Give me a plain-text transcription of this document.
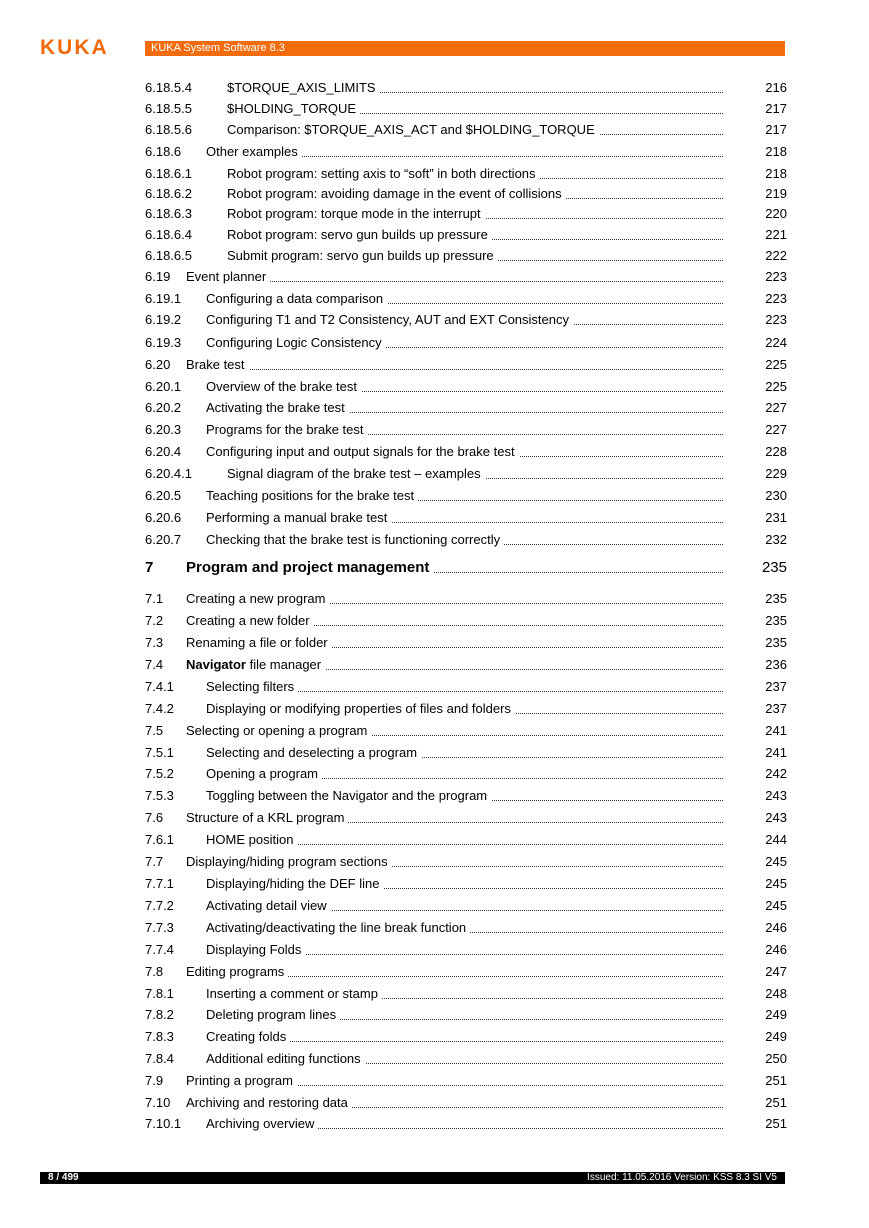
KUKA	KUKA System Software 8.3
6.18.5.4	$TORQUE_AXIS_LIMITS	216
6.18.5.5	$HOLDING_TORQUE	217
6.18.5.6	Comparison: $TORQUE_AXIS_ACT and $HOLDING_TORQUE	217
6.18.6 Other examples	218
6.18.6.1	Robot program: setting axis to “soft” in both directions	218
6.18.6.2	Robot program: avoiding damage in the event of collisions	219
6.18.6.3	Robot program: torque mode in the interrupt	220
6.18.6.4	Robot program: servo gun builds up pressure	221
6.18.6.5	Submit program: servo gun builds up pressure	222
6.19 Event planner	223
6.19.1 Configuring a data comparison	223
6.19.2 Configuring T1 and T2 Consistency, AUT and EXT Consistency	223
6.19.3 Configuring Logic Consistency	224
6.20 Brake test	225
6.20.1 Overview of the brake test	225
6.20.2 Activating the brake test	227
6.20.3 Programs for the brake test	227
6.20.4 Configuring input and output signals for the brake test	228
6.20.4.1	Signal diagram of the brake test – examples	229
6.20.5 Teaching positions for the brake test	230
6.20.6 Performing a manual brake test	231
6.20.7 Checking that the brake test is functioning correctly	232
7 Program and project management	235
7.1 Creating a new program	235
7.2 Creating a new folder	235
7.3 Renaming a file or folder	235
7.4 Navigator file manager	236
7.4.1 Selecting filters	237
7.4.2 Displaying or modifying properties of files and folders	237
7.5 Selecting or opening a program	241
7.5.1 Selecting and deselecting a program	241
7.5.2 Opening a program	242
7.5.3 Toggling between the Navigator and the program	243
7.6 Structure of a KRL program	243
7.6.1 HOME position	244
7.7 Displaying/hiding program sections	245
7.7.1 Displaying/hiding the DEF line	245
7.7.2 Activating detail view	245
7.7.3 Activating/deactivating the line break function	246
7.7.4 Displaying Folds	246
7.8 Editing programs	247
7.8.1 Inserting a comment or stamp	248
7.8.2 Deleting program lines	249
7.8.3 Creating folds	249
7.8.4 Additional editing functions	250
7.9 Printing a program	251
7.10 Archiving and restoring data	251
7.10.1 Archiving overview	251
8 / 499	Issued: 11.05.2016 Version: KSS 8.3 SI V5
